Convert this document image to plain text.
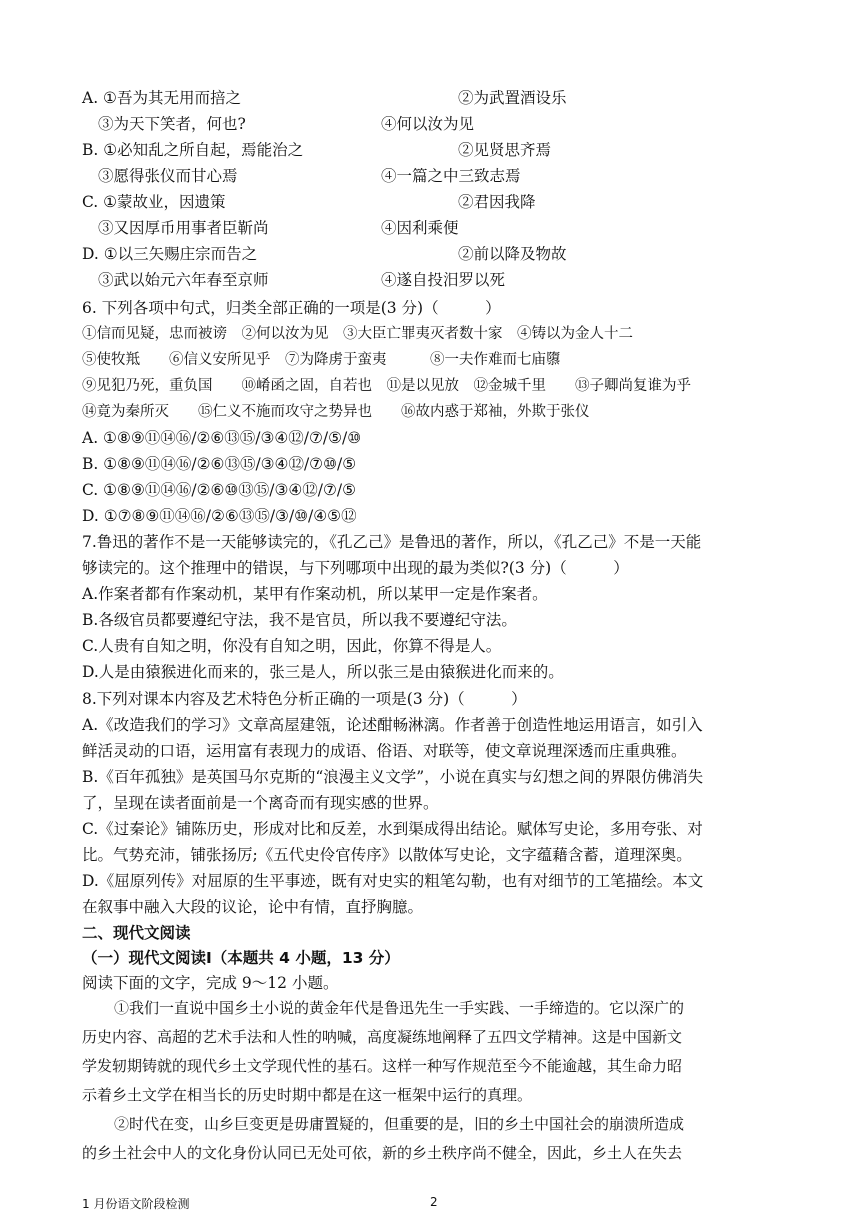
A. ①吾为其无用而掊之	②为武置酒设乐
③为天下笑者，何也?	④何以汝为见
B. ①必知乱之所自起，焉能治之	②见贤思齐焉
③愿得张仪而甘心焉	④一篇之中三致志焉
C. ①蒙故业，因遗策	②君因我降
③又因厚币用事者臣靳尚	④因利乘便
D. ①以三矢赐庄宗而告之	②前以降及物故
③武以始元六年春至京师	④遂自投汨罗以死
6. 下列各项中句式，归类全部正确的一项是(3 分)（　　　）
①信而见疑，忠而被谤　②何以汝为见　③大臣亡罪夷灭者数十家　④铸以为金人十二
⑤使牧羝　　⑥信义安所见乎　⑦为降虏于蛮夷　　　⑧一夫作难而七庙隳
⑨见犯乃死，重负国　　⑩崤函之固，自若也　⑪是以见放　⑫金城千里　　⑬子卿尚复谁为乎
⑭竟为秦所灭　　⑮仁义不施而攻守之势异也　　⑯故内惑于郑袖，外欺于张仪
A. ①⑧⑨⑪⑭⑯/②⑥⑬⑮/③④⑫/⑦/⑤/⑩
B. ①⑧⑨⑪⑭⑯/②⑥⑬⑮/③④⑫/⑦⑩/⑤
C. ①⑧⑨⑪⑭⑯/②⑥⑩⑬⑮/③④⑫/⑦/⑤
D. ①⑦⑧⑨⑪⑭⑯/②⑥⑬⑮/③/⑩/④⑤⑫
7.鲁迅的著作不是一天能够读完的，《孔乙己》是鲁迅的著作，所以，《孔乙己》不是一天能
够读完的。这个推理中的错误，与下列哪项中出现的最为类似?(3 分)（　　　）
A.作案者都有作案动机，某甲有作案动机，所以某甲一定是作案者。
B.各级官员都要遵纪守法，我不是官员，所以我不要遵纪守法。
C.人贵有自知之明，你没有自知之明，因此，你算不得是人。
D.人是由猿猴进化而来的，张三是人，所以张三是由猿猴进化而来的。
8.下列对课本内容及艺术特色分析正确的一项是(3 分)（　　　）
A.《改造我们的学习》文章高屋建瓴，论述酣畅淋漓。作者善于创造性地运用语言，如引入
鲜活灵动的口语，运用富有表现力的成语、俗语、对联等，使文章说理深透而庄重典雅。
B.《百年孤独》是英国马尔克斯的“浪漫主义文学”，小说在真实与幻想之间的界限仿佛消失
了，呈现在读者面前是一个离奇而有现实感的世界。
C.《过秦论》铺陈历史，形成对比和反差，水到渠成得出结论。赋体写史论，多用夸张、对
比。气势充沛，铺张扬厉;《五代史伶官传序》以散体写史论，文字蕴藉含蓄，道理深奥。
D.《屈原列传》对屈原的生平事迹，既有对史实的粗笔勾勒，也有对细节的工笔描绘。本文
在叙事中融入大段的议论，论中有情，直抒胸臆。
二、现代文阅读
（一）现代文阅读Ⅰ（本题共 4 小题，13 分）
阅读下面的文字，完成 9～12 小题。
①我们一直说中国乡土小说的黄金年代是鲁迅先生一手实践、一手缔造的。它以深广的
历史内容、高超的艺术手法和人性的呐喊，高度凝练地阐释了五四文学精神。这是中国新文
学发轫期铸就的现代乡土文学现代性的基石。这样一种写作规范至今不能逾越，其生命力昭
示着乡土文学在相当长的历史时期中都是在这一框架中运行的真理。
②时代在变，山乡巨变更是毋庸置疑的，但重要的是，旧的乡土中国社会的崩溃所造成
的乡土社会中人的文化身份认同已无处可依，新的乡土秩序尚不健全，因此，乡土人在失去
1 月份语文阶段检测	2
